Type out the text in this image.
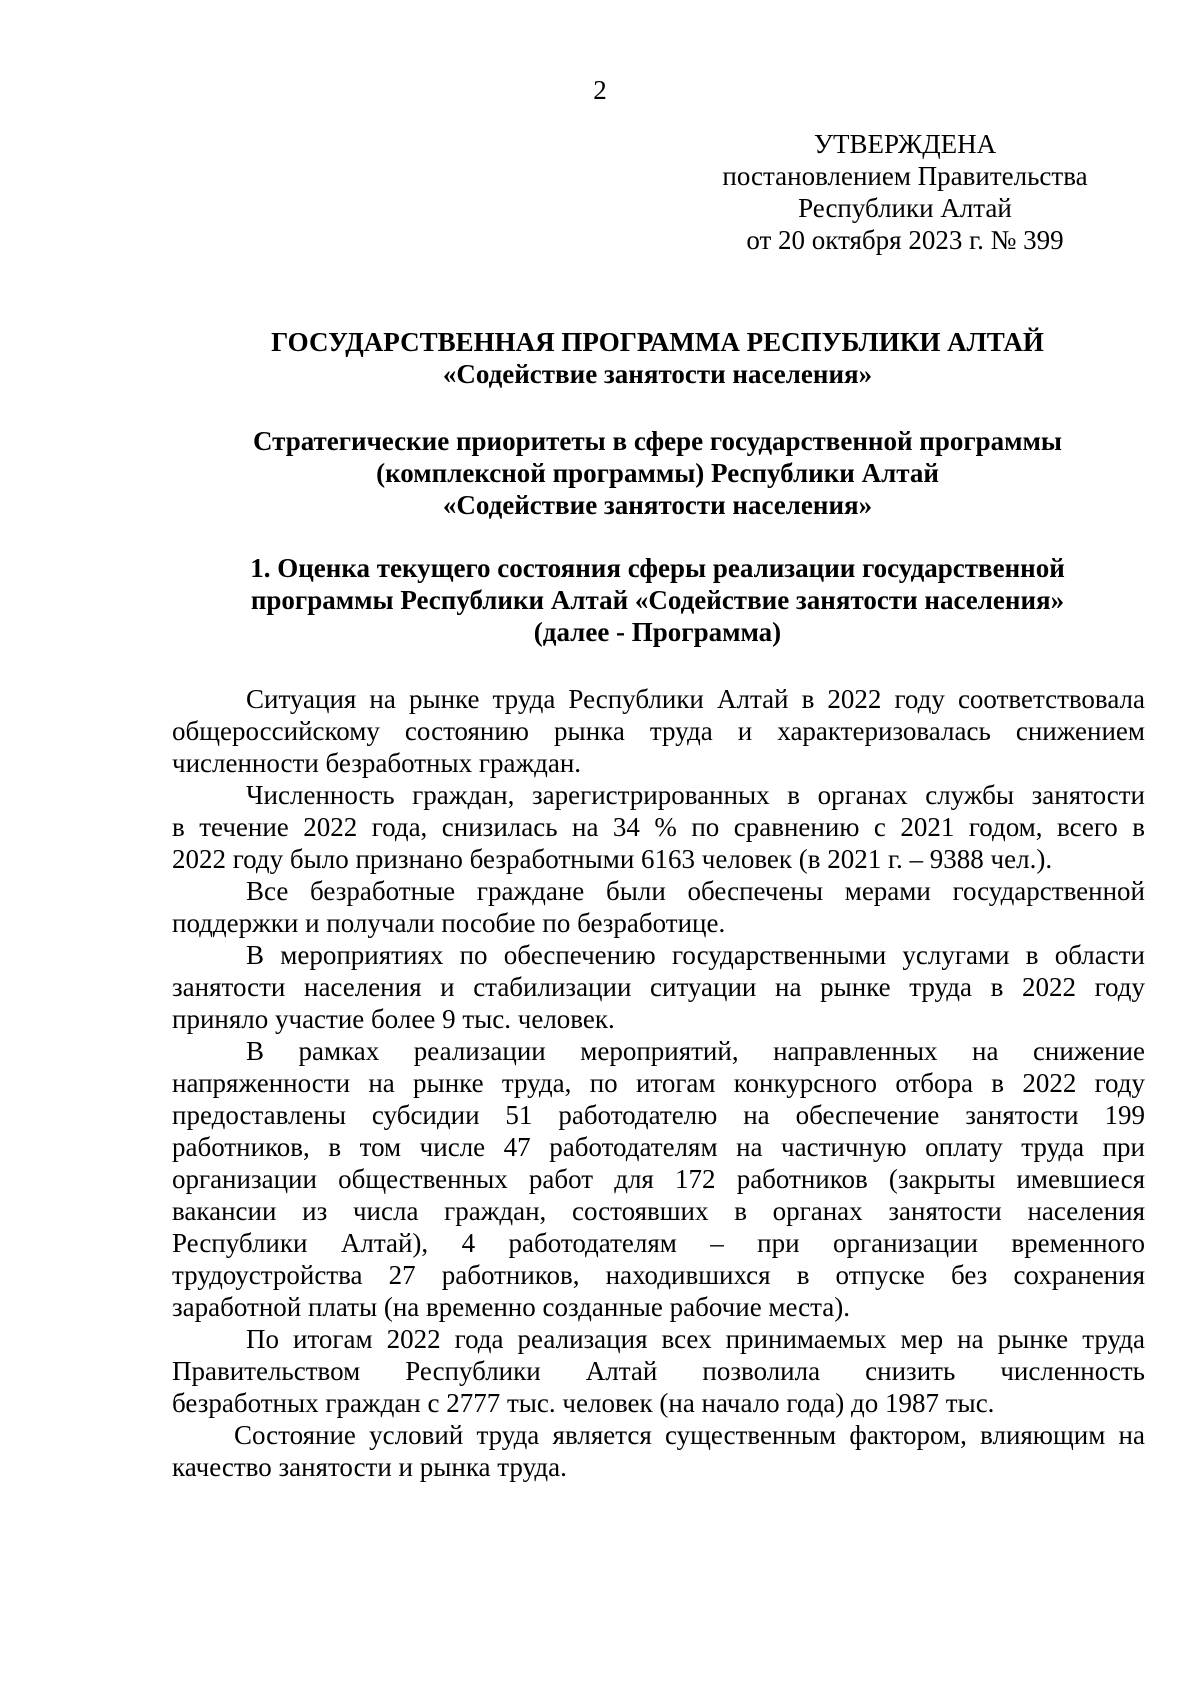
2
УТВЕРЖДЕНА
постановлением Правительства
Республики Алтай
от 20 октября 2023 г. № 399
ГОСУДАРСТВЕННАЯ ПРОГРАММА РЕСПУБЛИКИ АЛТАЙ
«Содействие занятости населения»
Стратегические приоритеты в сфере государственной программы
(комплексной программы) Республики Алтай
«Содействие занятости населения»
1. Оценка текущего состояния сферы реализации государственной
программы Республики Алтай «Содействие занятости населения»
(далее - Программа)

Ситуация на рынке труда Республики Алтай в 2022 году соответствовала
общероссийскому состоянию рынка труда и характеризовалась снижением
численности безработных граждан.

Численность граждан, зарегистрированных в органах службы занятости
в течение 2022 года, снизилась на 34 % по сравнению с 2021 годом, всего в
2022 году было признано безработными 6163 человек (в 2021 г. – 9388 чел.).

Все безработные граждане были обеспечены мерами государственной
поддержки и получали пособие по безработице.

В мероприятиях по обеспечению государственными услугами в области
занятости населения и стабилизации ситуации на рынке труда в 2022 году
приняло участие более 9 тыс. человек.

В рамках реализации мероприятий, направленных на снижение
напряженности на рынке труда, по итогам конкурсного отбора в 2022 году
предоставлены субсидии 51 работодателю на обеспечение занятости 199
работников, в том числе 47 работодателям на частичную оплату труда при
организации общественных работ для 172 работников (закрыты имевшиеся
вакансии из числа граждан, состоявших в органах занятости населения
Республики Алтай), 4 работодателям – при организации временного
трудоустройства 27 работников, находившихся в отпуске без сохранения
заработной платы (на временно созданные рабочие места).

По итогам 2022 года реализация всех принимаемых мер на рынке труда
Правительством Республики Алтай позволила снизить численность
безработных граждан с 2777 тыс. человек (на начало года) до 1987 тыс.

Состояние условий труда является существенным фактором, влияющим на
качество занятости и рынка труда.
